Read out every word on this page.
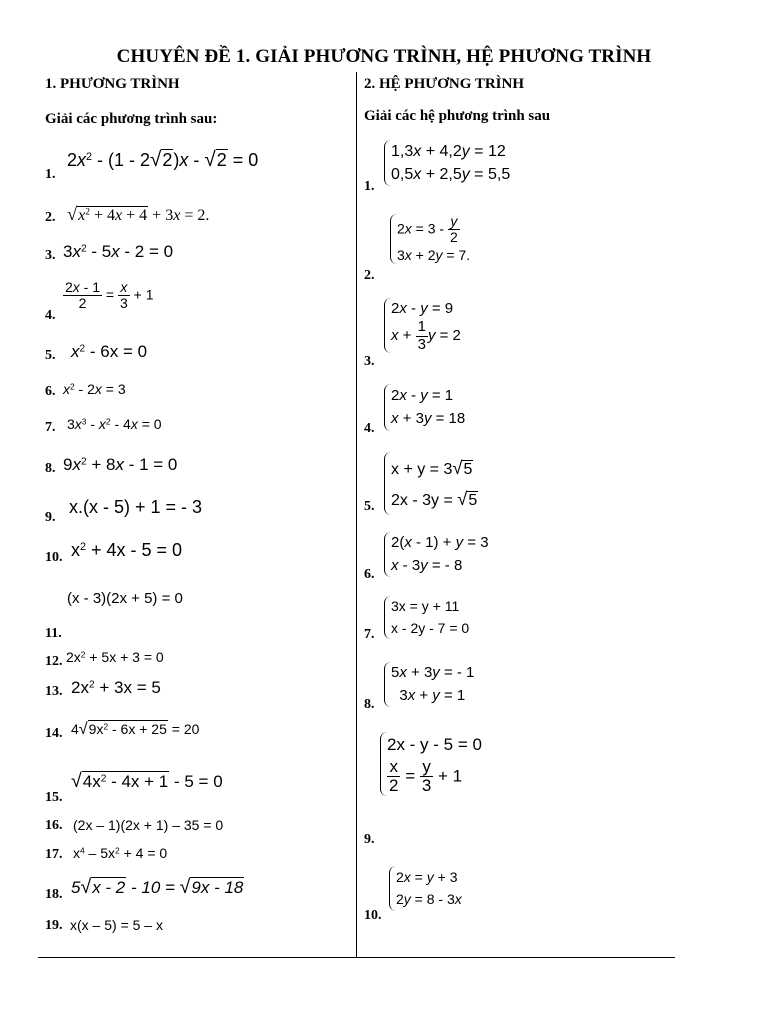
CHUYÊN ĐỀ 1. GIẢI PHƯƠNG TRÌNH, HỆ PHƯƠNG TRÌNH
1. PHƯƠNG TRÌNH
Giải các phương trình sau:
1.
$2x^2 - (1 - 2√2)x - √2 = 0$
2. $√x^2 + 4x + 4 + 3x = 2$.
3. $3x^2 - 5x - 2 = 0$
4.
$\frac{2x - 1}{2} = \frac{x}{3} + 1$
5. $x^2 - 6x = 0$
6. $x^2 - 2x = 3$
7. $3x^3 - x^2 - 4x = 0$
8. $9x^2 + 8x - 1 = 0$
9.
x.(x - 5) + 1 = - 3
10. $x^2 + 4x - 5 = 0$
(x - 3)(2x + 5) = 0
11.
12. $2x^2 + 5x + 3 = 0$
13. $2x^2 + 3x = 5$
14. $4√9x^2 - 6x + 25 = 20$
15.
$√4x^2 - 4x + 1 - 5 = 0$
16. (2x – 1)(2x + 1) – 35 = 0
17. $x^4 - 5x^2 + 4 = 0$
18. 5√x - 2 - 10 = √9x - 18
19. x(x – 5) = 5 – x
2. HỆ PHƯƠNG TRÌNH
Giải các hệ phương trình sau
1.
1,3x + 4,2y = 12
0,5x + 2,5y = 5,5
2.
$2x = 3 - \frac{y}{2}$
3x + 2y = 7.
3.
2x - y = 9
$x + \frac{1}{3}$ y = 2
4.
2x - y = 1
x + 3y = 18
5.
x + y = 3√5
2x - 3y = √5
6.
2(x - 1) + y = 3
x - 3y = - 8
7.
3x = y + 11
x - 2y - 7 = 0
8.
5x + 3y = - 1
3x + y = 1
2x - y - 5 = 0
$\frac{x}{2} = \frac{y}{3} + 1$
9.
10.
2x = y + 3
2y = 8 - 3x
